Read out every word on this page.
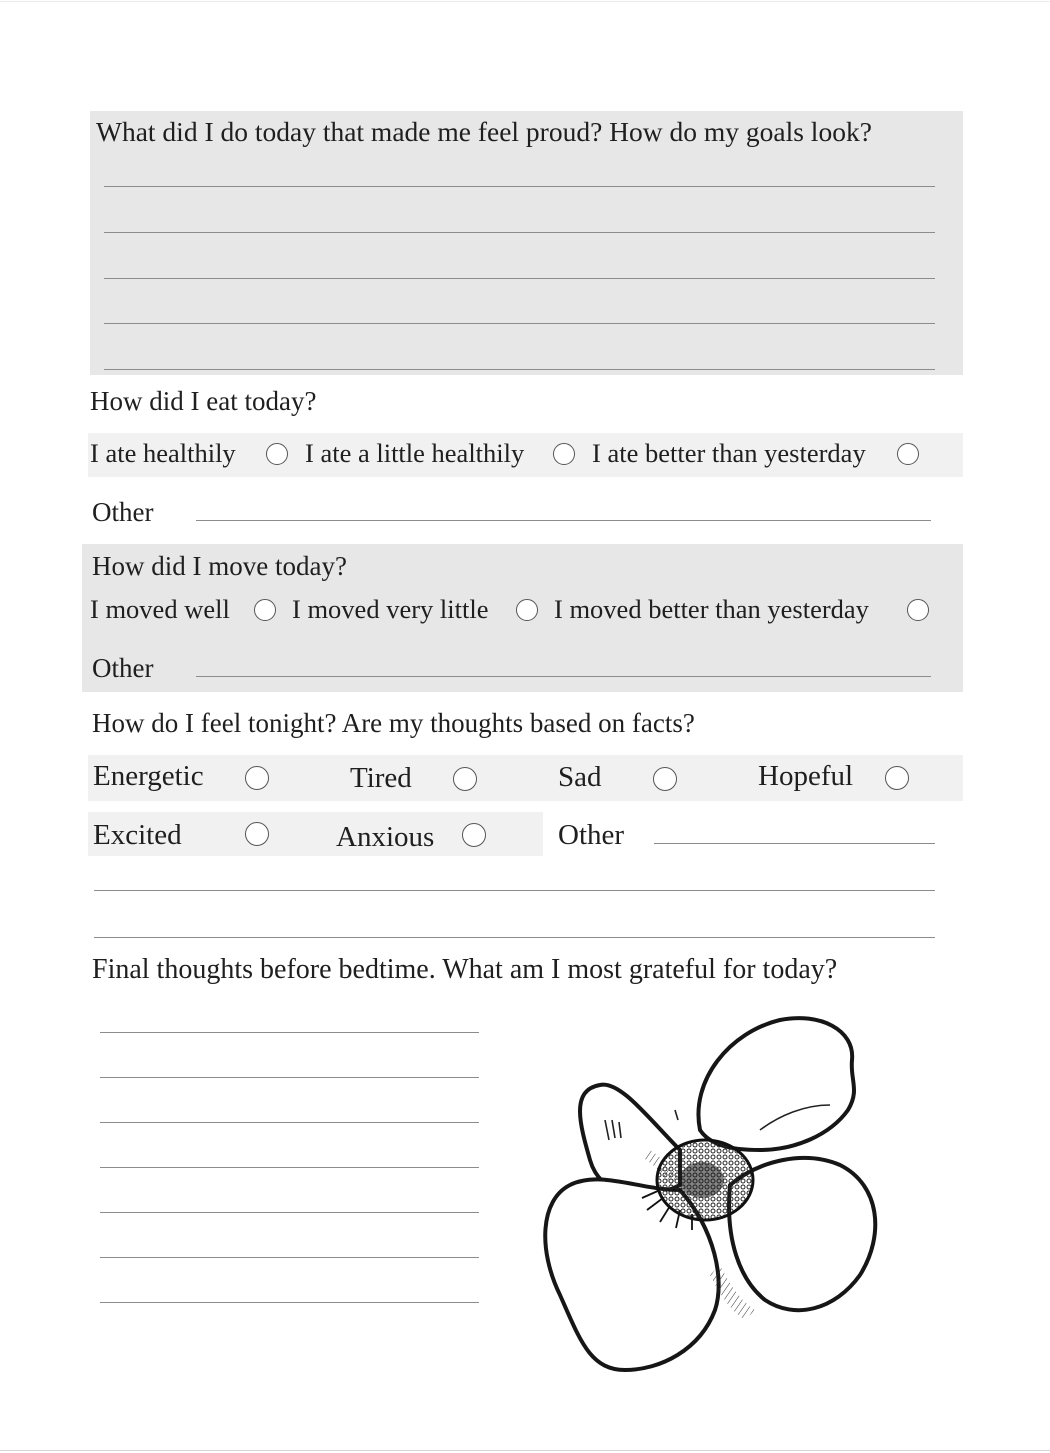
What did I do today that made me feel proud? How do my goals look?
How did I eat today?
I ate healthily	I ate a little healthily	I ate better than yesterday
Other
How did I move today?
I moved well I moved very little I moved better than yesterday
Other
How do I feel tonight? Are my thoughts based on facts?
Energetic	Tired	Sad	Hopeful
Excited	Anxious	Other
Final thoughts before bedtime. What am I most grateful for today?
